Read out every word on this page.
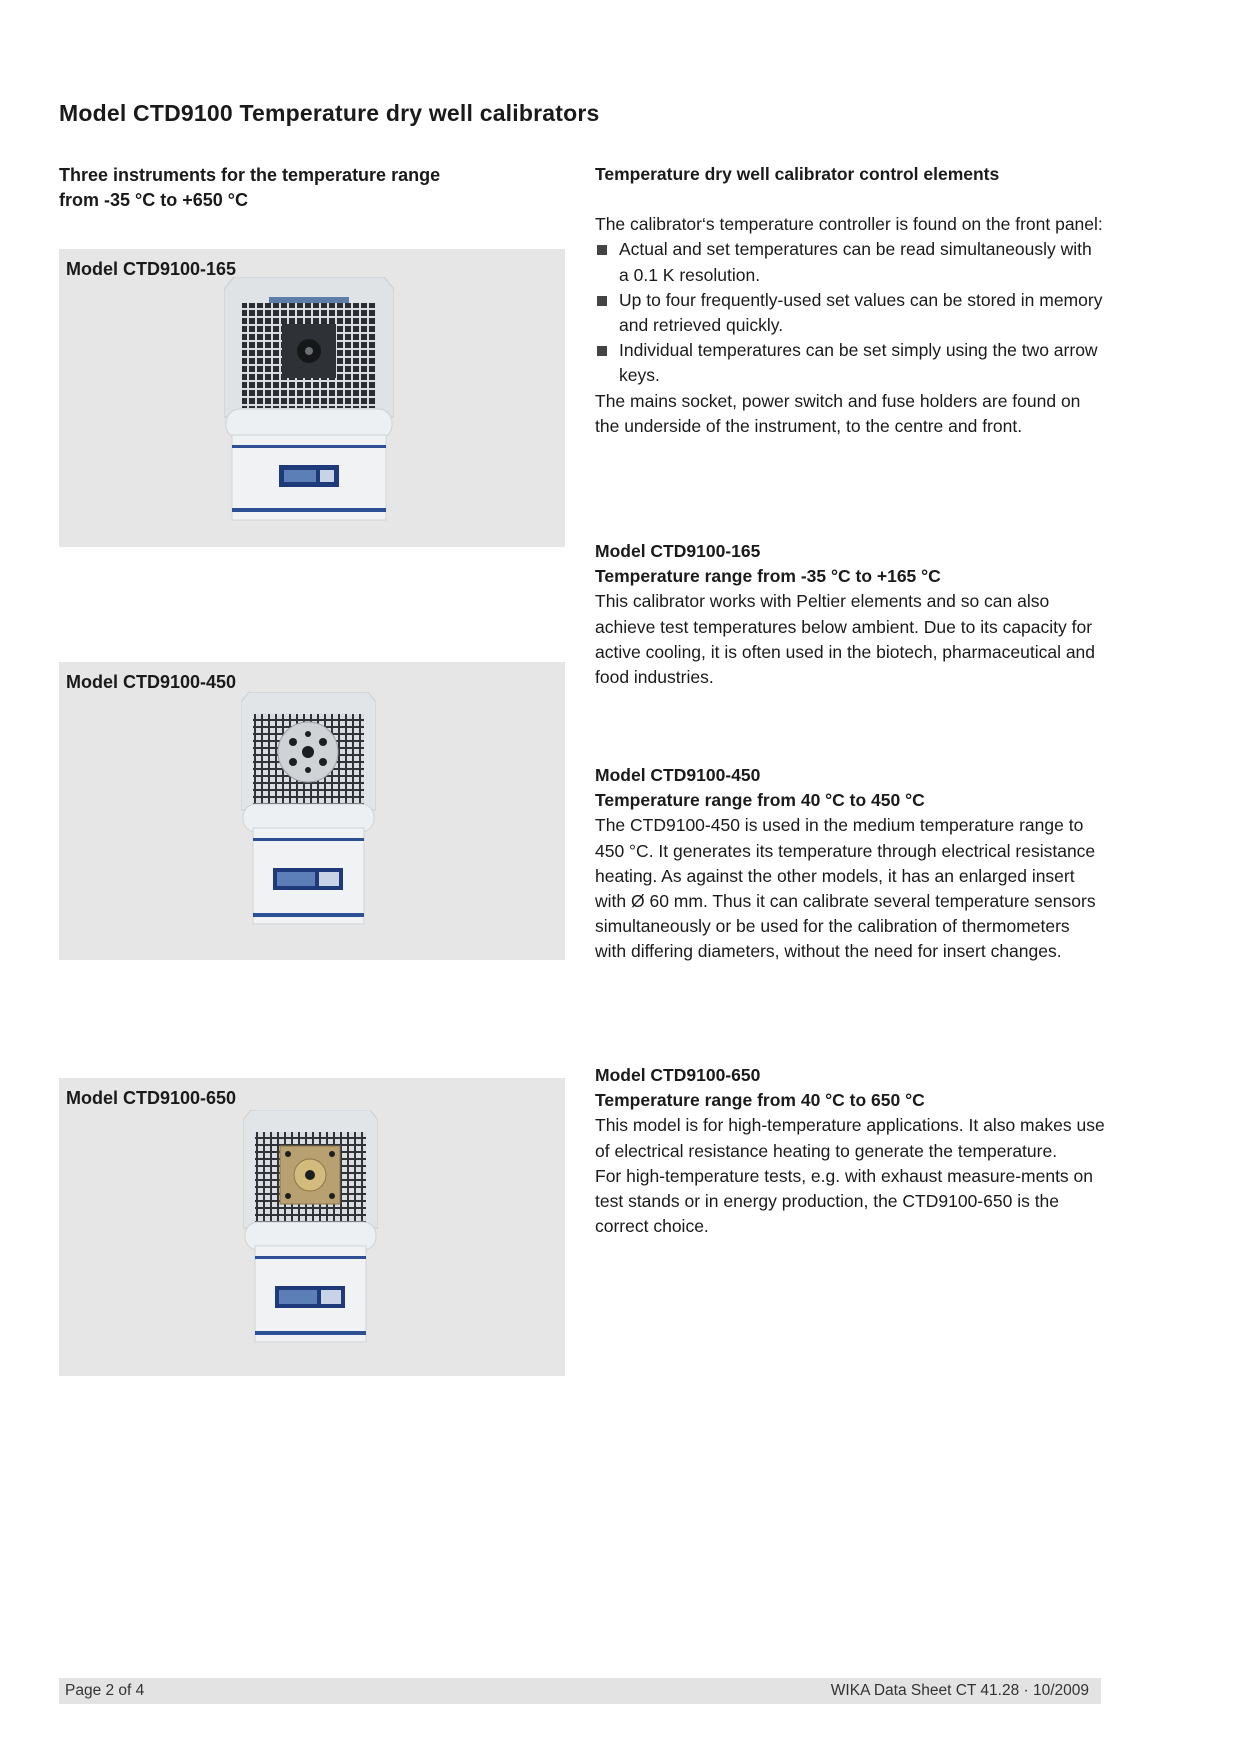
Model CTD9100 Temperature dry well calibrators
Three instruments for the temperature range
from -35 °C to +650 °C
Model CTD9100-165
Model CTD9100-450
Model CTD9100-650
Temperature dry well calibrator control elements

The calibrator‘s temperature controller is found on the front panel:

Actual and set temperatures can be read simultaneously with a 0.1 K resolution.
Up to four frequently-used set values can be stored in memory and retrieved quickly.
Individual temperatures can be set simply using the two arrow keys.

The mains socket, power switch and fuse holders are found on the underside of the instrument, to the centre and front.

Model CTD9100-165
Temperature range from -35 °C to +165 °C

This calibrator works with Peltier elements and so can also achieve test temperatures below ambient. Due to its capacity for active cooling, it is often used in the biotech, pharmaceutical and food industries.

Model CTD9100-450
Temperature range from 40 °C to 450 °C

The CTD9100-450 is used in the medium temperature range to 450 °C. It generates its temperature through electrical resistance heating. As against the other models, it has an enlarged insert with Ø 60 mm. Thus it can calibrate several temperature sensors simultaneously or be used for the calibration of thermometers with differing diameters, without the need for insert changes.

Model CTD9100-650
Temperature range from 40 °C to 650 °C

This model is for high-temperature applications. It also makes use of electrical resistance heating to generate the temperature.

For high-temperature tests, e.g. with exhaust measure-ments on test stands or in energy production, the CTD9100-650 is the correct choice.

Page 2 of 4	WIKA Data Sheet CT 41.28 · 10/2009
